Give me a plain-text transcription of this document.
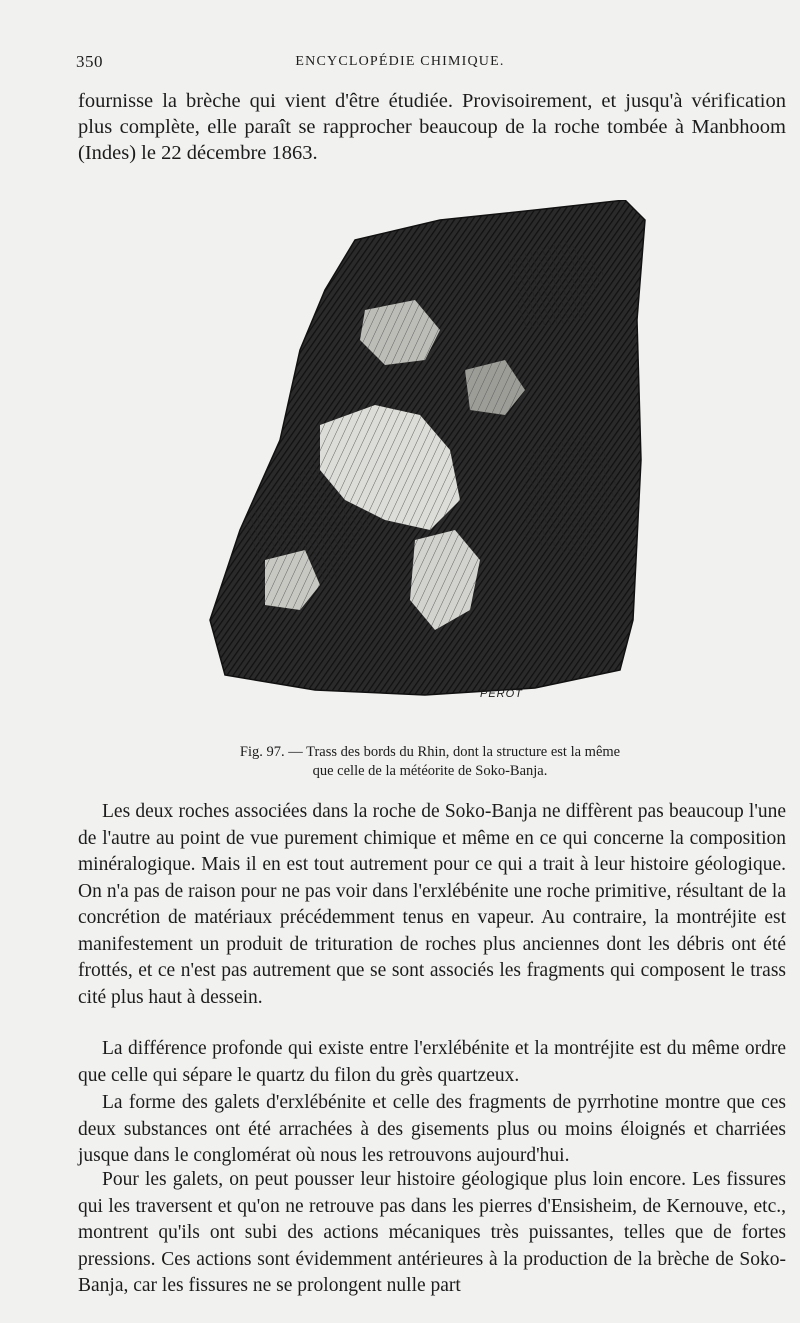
350	ENCYCLOPÉDIE CHIMIQUE.

fournisse la brèche qui vient d'être étudiée. Provisoirement, et jusqu'à vérification plus complète, elle paraît se rapprocher beaucoup de la roche tombée à Manbhoom (Indes) le 22 décembre 1863.

PEROT
Fig. 97. — Trass des bords du Rhin, dont la structure est la même
que celle de la météorite de Soko-Banja.

Les deux roches associées dans la roche de Soko-Banja ne diffèrent pas beaucoup l'une de l'autre au point de vue purement chimique et même en ce qui concerne la composition minéralogique. Mais il en est tout autrement pour ce qui a trait à leur histoire géologique. On n'a pas de raison pour ne pas voir dans l'erxlébénite une roche primitive, résultant de la concrétion de matériaux précédemment tenus en vapeur. Au contraire, la montréjite est manifestement un produit de trituration de roches plus anciennes dont les débris ont été frottés, et ce n'est pas autrement que se sont associés les fragments qui composent le trass cité plus haut à dessein.

La différence profonde qui existe entre l'erxlébénite et la montréjite est du même ordre que celle qui sépare le quartz du filon du grès quartzeux.

La forme des galets d'erxlébénite et celle des fragments de pyrrhotine montre que ces deux substances ont été arrachées à des gisements plus ou moins éloignés et charriées jusque dans le conglomérat où nous les retrouvons aujourd'hui.

Pour les galets, on peut pousser leur histoire géologique plus loin encore. Les fissures qui les traversent et qu'on ne retrouve pas dans les pierres d'Ensisheim, de Kernouve, etc., montrent qu'ils ont subi des actions mécaniques très puissantes, telles que de fortes pressions. Ces actions sont évidemment antérieures à la production de la brèche de Soko-Banja, car les fissures ne se prolongent nulle part
